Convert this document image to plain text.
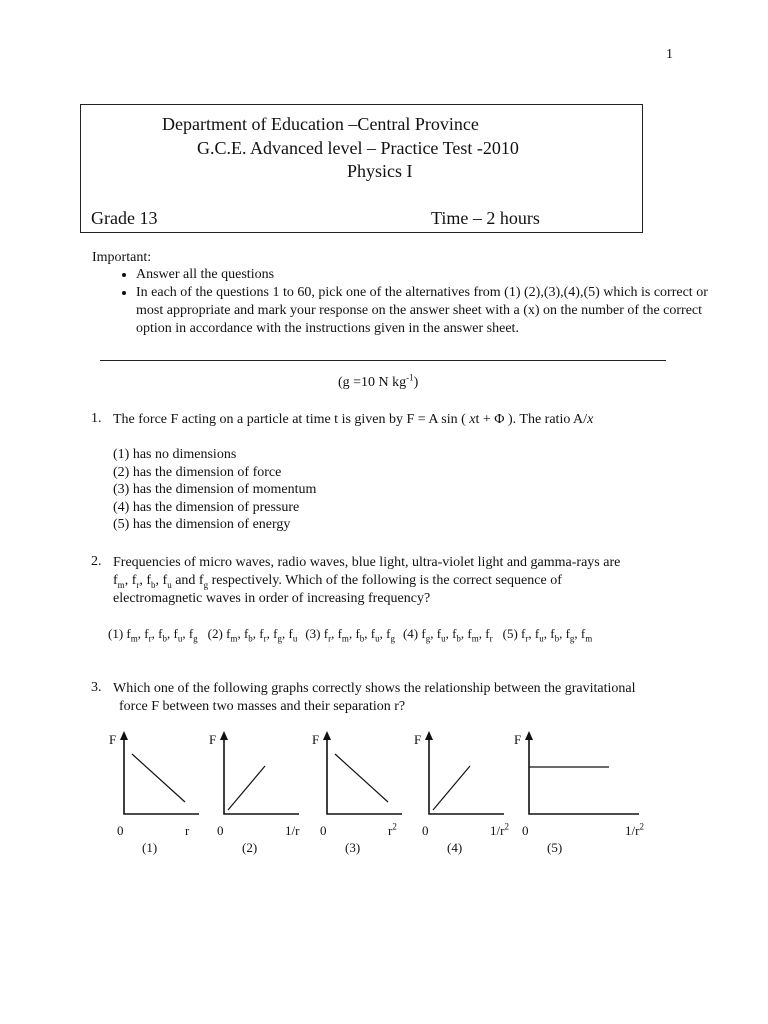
1
Department of Education –Central Province
G.C.E. Advanced level – Practice Test -2010
Physics I
Grade 13	Time – 2 hours
Important:
• Answer all the questions
• In each of the questions 1 to 60, pick one of the alternatives from (1) (2),(3),(4),(5) which is correct or most appropriate and mark your response on the answer sheet with a (x) on the number of the correct option in accordance with the instructions given in the answer sheet.
(g =10 N $kg^{-1}$)
1. The force F acting on a particle at time t is given by F = A sin ( xt + Φ ). The ratio A/x
(1) has no dimensions
(2) has the dimension of force
(3) has the dimension of momentum
(4) has the dimension of pressure
(5) has the dimension of energy
2. Frequencies of micro waves, radio waves, blue light, ultra-violet light and gamma-rays are
$f_m$, $f_r$, $f_b$, $f_u$ and $f_g$ respectively. Which of the following is the correct sequence of
electromagnetic waves in order of increasing frequency?
(1) $f_m$, $f_r$, $f_b$, $f_u$, $f_g$ (2) $f_m$, $f_b$, $f_r$, $f_g$, $f_u$ (3) $f_r$, $f_m$, $f_b$, $f_u$, $f_g$ (4) $f_g$, $f_u$, $f_b$, $f_m$, $f_r$ (5) $f_r$, $f_u$, $f_b$, $f_g$, $f_m$
3. Which one of the following graphs correctly shows the relationship between the gravitational
force F between two masses and their separation r?
F
0	r
(1)
F
0	1/r
(2)
F
0	$r^2$
(3)
F
0	$1/r^2$
(4)
F
0	$1/r^2$
(5)
